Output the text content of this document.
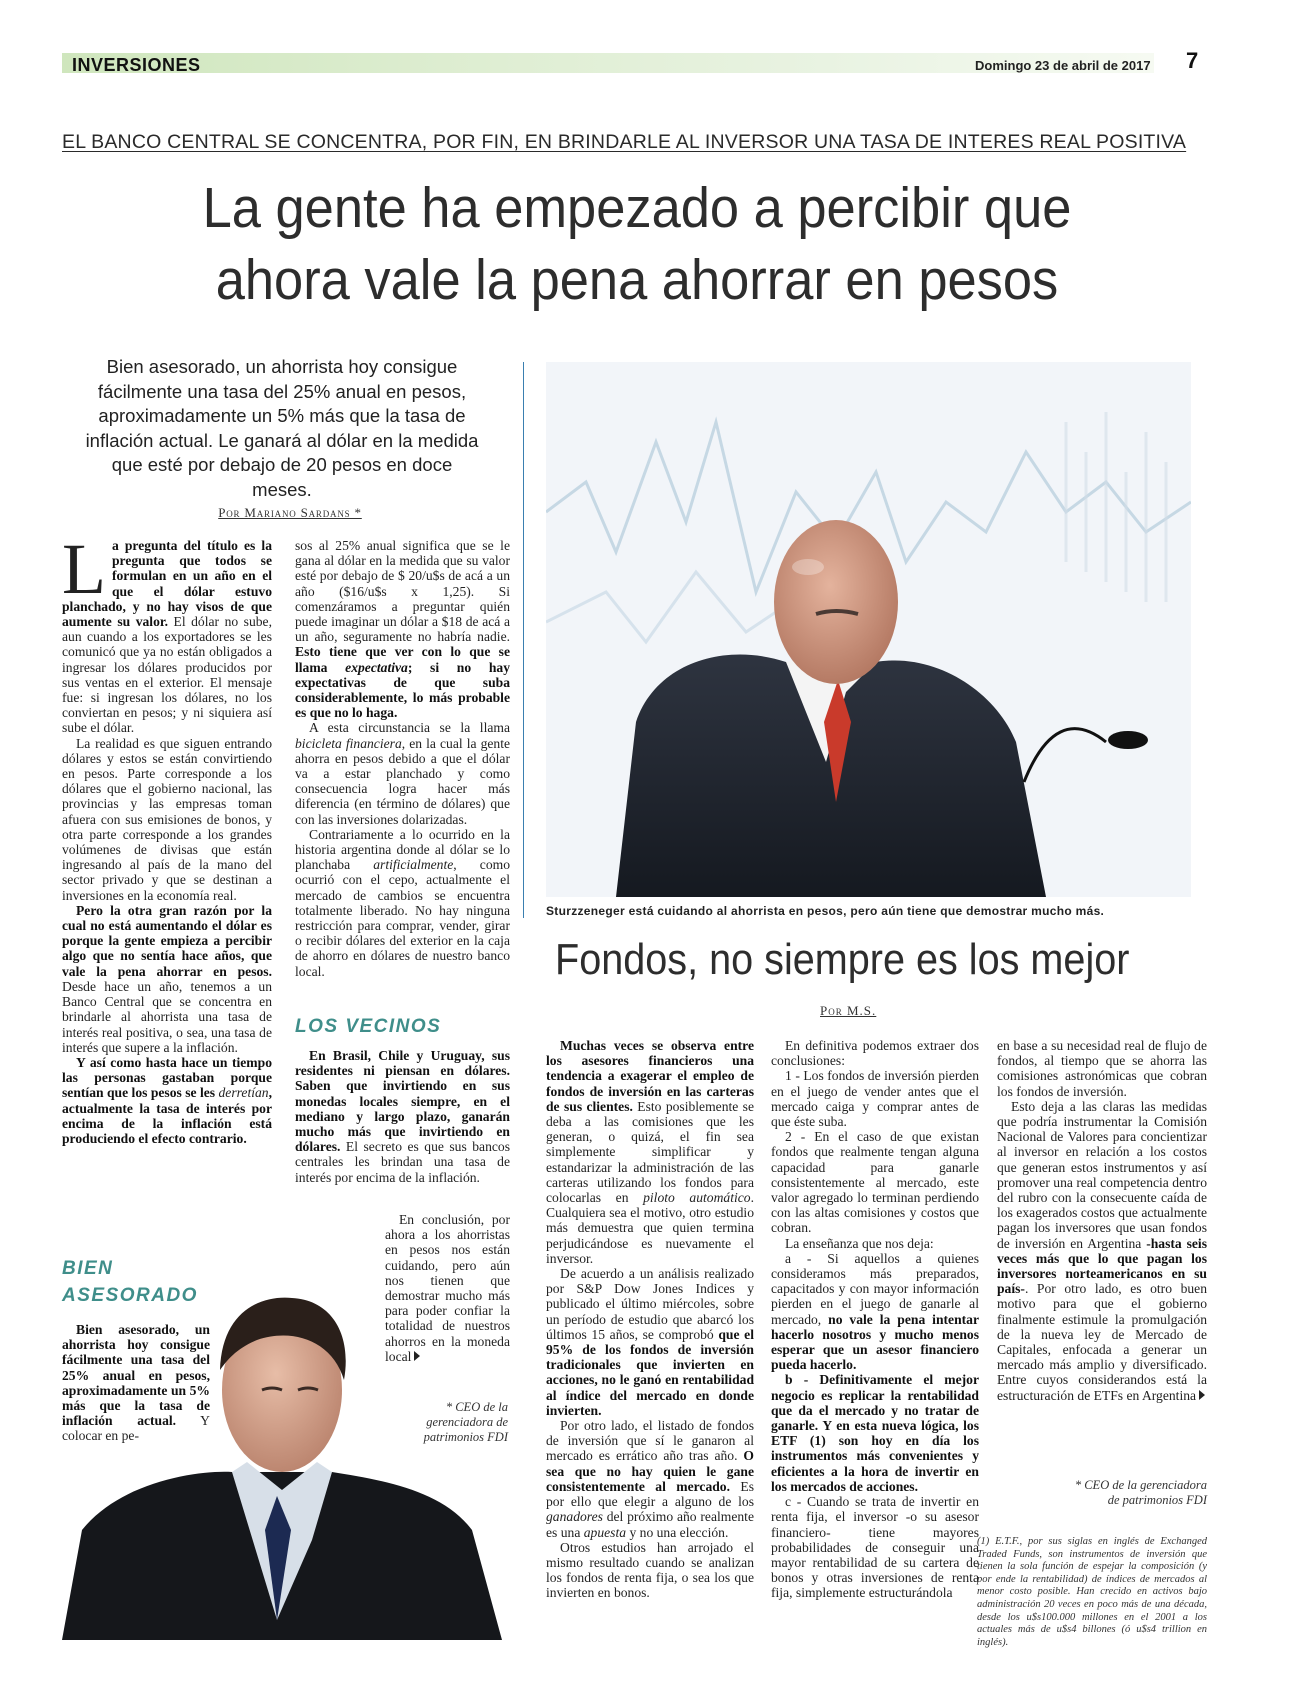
INVERSIONES	Domingo 23 de abril de 2017 7
EL BANCO CENTRAL SE CONCENTRA, POR FIN, EN BRINDARLE AL INVERSOR UNA TASA DE INTERES REAL POSITIVA
La gente ha empezado a percibir que
ahora vale la pena ahorrar en pesos
Bien asesorado, un ahorrista hoy consigue fácilmente una tasa del 25% anual en pesos, aproximadamente un 5% más que la tasa de inflación actual. Le ganará al dólar en la medida que esté por debajo de 20 pesos en doce meses.
Por Mariano Sardans *

La pregunta del título es la pregunta que todos se formulan en un año en el que el dólar estuvo planchado, y no hay visos de que aumente su valor. El dólar no sube, aun cuando a los exportadores se les comunicó que ya no están obligados a ingresar los dólares producidos por sus ventas en el exterior. El mensaje fue: si ingresan los dólares, no los conviertan en pesos; y ni siquiera así sube el dólar.

La realidad es que siguen entrando dólares y estos se están convirtiendo en pesos. Parte corresponde a los dólares que el gobierno nacional, las provincias y las empresas toman afuera con sus emisiones de bonos, y otra parte corresponde a los grandes volúmenes de divisas que están ingresando al país de la mano del sector privado y que se destinan a inversiones en la economía real.

Pero la otra gran razón por la cual no está aumentando el dólar es porque la gente empieza a percibir algo que no sentía hace años, que vale la pena ahorrar en pesos. Desde hace un año, tenemos a un Banco Central que se concentra en brindarle al ahorrista una tasa de interés real positiva, o sea, una tasa de interés que supere a la inflación.

Y así como hasta hace un tiempo las personas gastaban porque sentían que los pesos se les derretían, actualmente la tasa de interés por encima de la inflación está produciendo el efecto contrario.

BIEN
ASESORADO

Bien asesorado, un ahorrista hoy consigue fácilmente una tasa del 25% anual en pesos, aproximadamente un 5% más que la tasa de inflación actual. Y colocar en pe-

sos al 25% anual significa que se le gana al dólar en la medida que su valor esté por debajo de $ 20/u$s de acá a un año ($16/u$s x 1,25). Si comenzáramos a preguntar quién puede imaginar un dólar a $18 de acá a un año, seguramente no habría nadie. Esto tiene que ver con lo que se llama expectativa; si no hay expectativas de que suba considerablemente, lo más probable es que no lo haga.

A esta circunstancia se la llama bicicleta financiera, en la cual la gente ahorra en pesos debido a que el dólar va a estar planchado y como consecuencia logra hacer más diferencia (en término de dólares) que con las inversiones dolarizadas.

Contrariamente a lo ocurrido en la historia argentina donde al dólar se lo planchaba artificialmente, como ocurrió con el cepo, actualmente el mercado de cambios se encuentra totalmente liberado. No hay ninguna restricción para comprar, vender, girar o recibir dólares del exterior en la caja de ahorro en dólares de nuestro banco local.

LOS VECINOS

En Brasil, Chile y Uruguay, sus residentes ni piensan en dólares. Saben que invirtiendo en sus monedas locales siempre, en el mediano y largo plazo, ganarán mucho más que invirtiendo en dólares. El secreto es que sus bancos centrales les brindan una tasa de interés por encima de la inflación.

En conclusión, por ahora a los ahorristas en pesos nos están cuidando, pero aún nos tienen que demostrar mucho más para poder confiar la totalidad de nuestros ahorros en la moneda local

* CEO de la
gerenciadora de
patrimonios FDI
Sturzzeneger está cuidando al ahorrista en pesos, pero aún tiene que demostrar mucho más.
Fondos, no siempre es los mejor
Por M.S.

Muchas veces se observa entre los asesores financieros una tendencia a exagerar el empleo de fondos de inversión en las carteras de sus clientes. Esto posiblemente se deba a las comisiones que les generan, o quizá, el fin sea simplemente simplificar y estandarizar la administración de las carteras utilizando los fondos para colocarlas en piloto automático. Cualquiera sea el motivo, otro estudio más demuestra que quien termina perjudicándose es nuevamente el inversor.

De acuerdo a un análisis realizado por S&P Dow Jones Indices y publicado el último miércoles, sobre un período de estudio que abarcó los últimos 15 años, se comprobó que el 95% de los fondos de inversión tradicionales que invierten en acciones, no le ganó en rentabilidad al índice del mercado en donde invierten.

Por otro lado, el listado de fondos de inversión que sí le ganaron al mercado es errático año tras año. O sea que no hay quien le gane consistentemente al mercado. Es por ello que elegir a alguno de los ganadores del próximo año realmente es una apuesta y no una elección.

Otros estudios han arrojado el mismo resultado cuando se analizan los fondos de renta fija, o sea los que invierten en bonos.

En definitiva podemos extraer dos conclusiones:

1 - Los fondos de inversión pierden en el juego de vender antes que el mercado caiga y comprar antes de que éste suba.

2 - En el caso de que existan fondos que realmente tengan alguna capacidad para ganarle consistentemente al mercado, este valor agregado lo terminan perdiendo con las altas comisiones y costos que cobran.

La enseñanza que nos deja:

a - Si aquellos a quienes consideramos más preparados, capacitados y con mayor información pierden en el juego de ganarle al mercado, no vale la pena intentar hacerlo nosotros y mucho menos esperar que un asesor financiero pueda hacerlo.

b - Definitivamente el mejor negocio es replicar la rentabilidad que da el mercado y no tratar de ganarle. Y en esta nueva lógica, los ETF (1) son hoy en día los instrumentos más convenientes y eficientes a la hora de invertir en los mercados de acciones.

c - Cuando se trata de invertir en renta fija, el inversor -o su asesor financiero- tiene mayores probabilidades de conseguir una mayor rentabilidad de su cartera de bonos y otras inversiones de renta fija, simplemente estructurándola

en base a su necesidad real de flujo de fondos, al tiempo que se ahorra las comisiones astronómicas que cobran los fondos de inversión.

Esto deja a las claras las medidas que podría instrumentar la Comisión Nacional de Valores para concientizar al inversor en relación a los costos que generan estos instrumentos y así promover una real competencia dentro del rubro con la consecuente caída de los exagerados costos que actualmente pagan los inversores que usan fondos de inversión en Argentina -hasta seis veces más que lo que pagan los inversores norteamericanos en su país-. Por otro lado, es otro buen motivo para que el gobierno finalmente estimule la promulgación de la nueva ley de Mercado de Capitales, enfocada a generar un mercado más amplio y diversificado. Entre cuyos considerandos está la estructuración de ETFs en Argentina

* CEO de la gerenciadora
de patrimonios FDI
(1) E.T.F., por sus siglas en inglés de Exchanged Traded Funds, son instrumentos de inversión que tienen la sola función de espejar la composición (y por ende la rentabilidad) de índices de mercados al menor costo posible. Han crecido en activos bajo administración 20 veces en poco más de una década, desde los u$s100.000 millones en el 2001 a los actuales más de u$s4 billones (ó u$s4 trillion en inglés).
